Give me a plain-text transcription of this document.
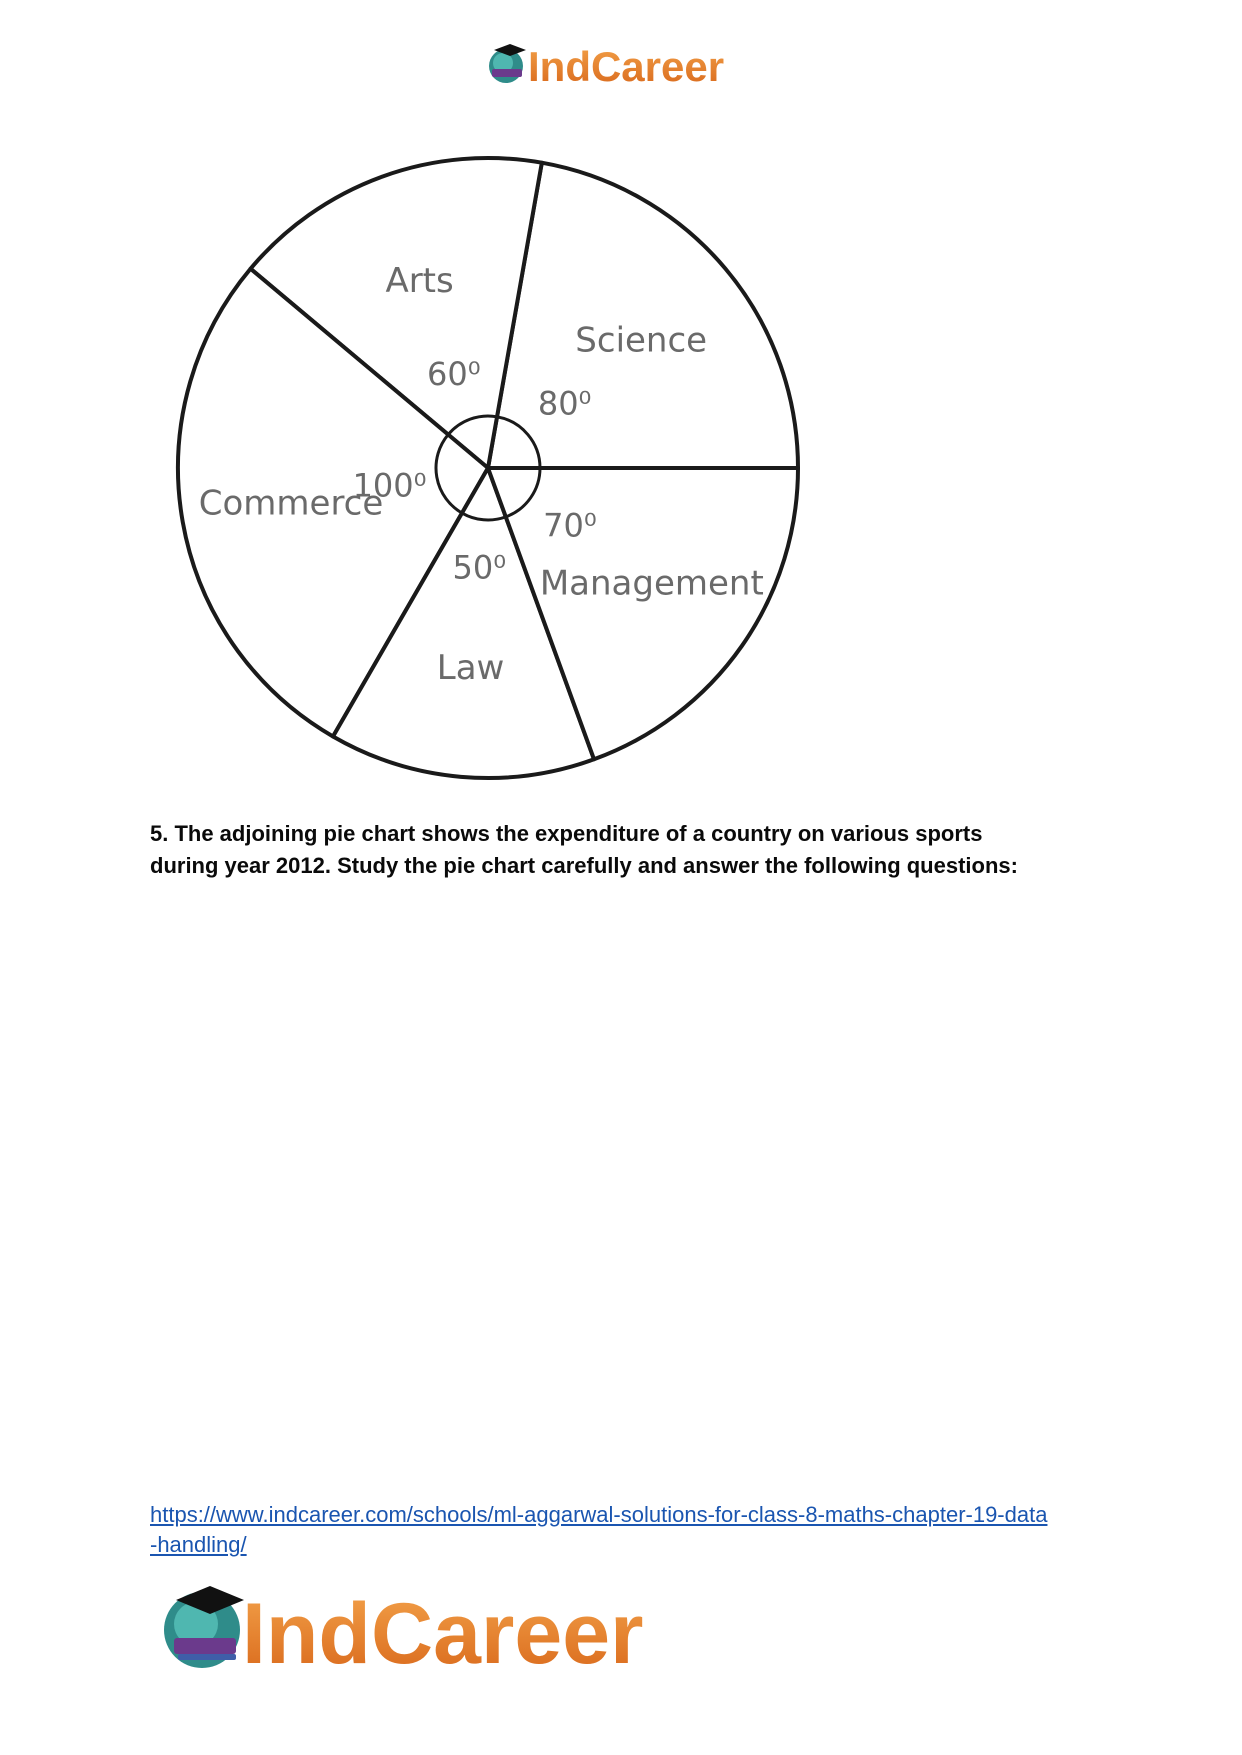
IndCareer
80⁰
Science
60⁰
Arts
100⁰
Commerce
50⁰
Law
70⁰
Management

5. The adjoining pie chart shows the expenditure of a country on various sports

during year 2012. Study the pie chart carefully and answer the following questions:

https://www.indcareer.com/schools/ml-aggarwal-solutions-for-class-8-maths-chapter-19-data
-handling/
IndCareer
